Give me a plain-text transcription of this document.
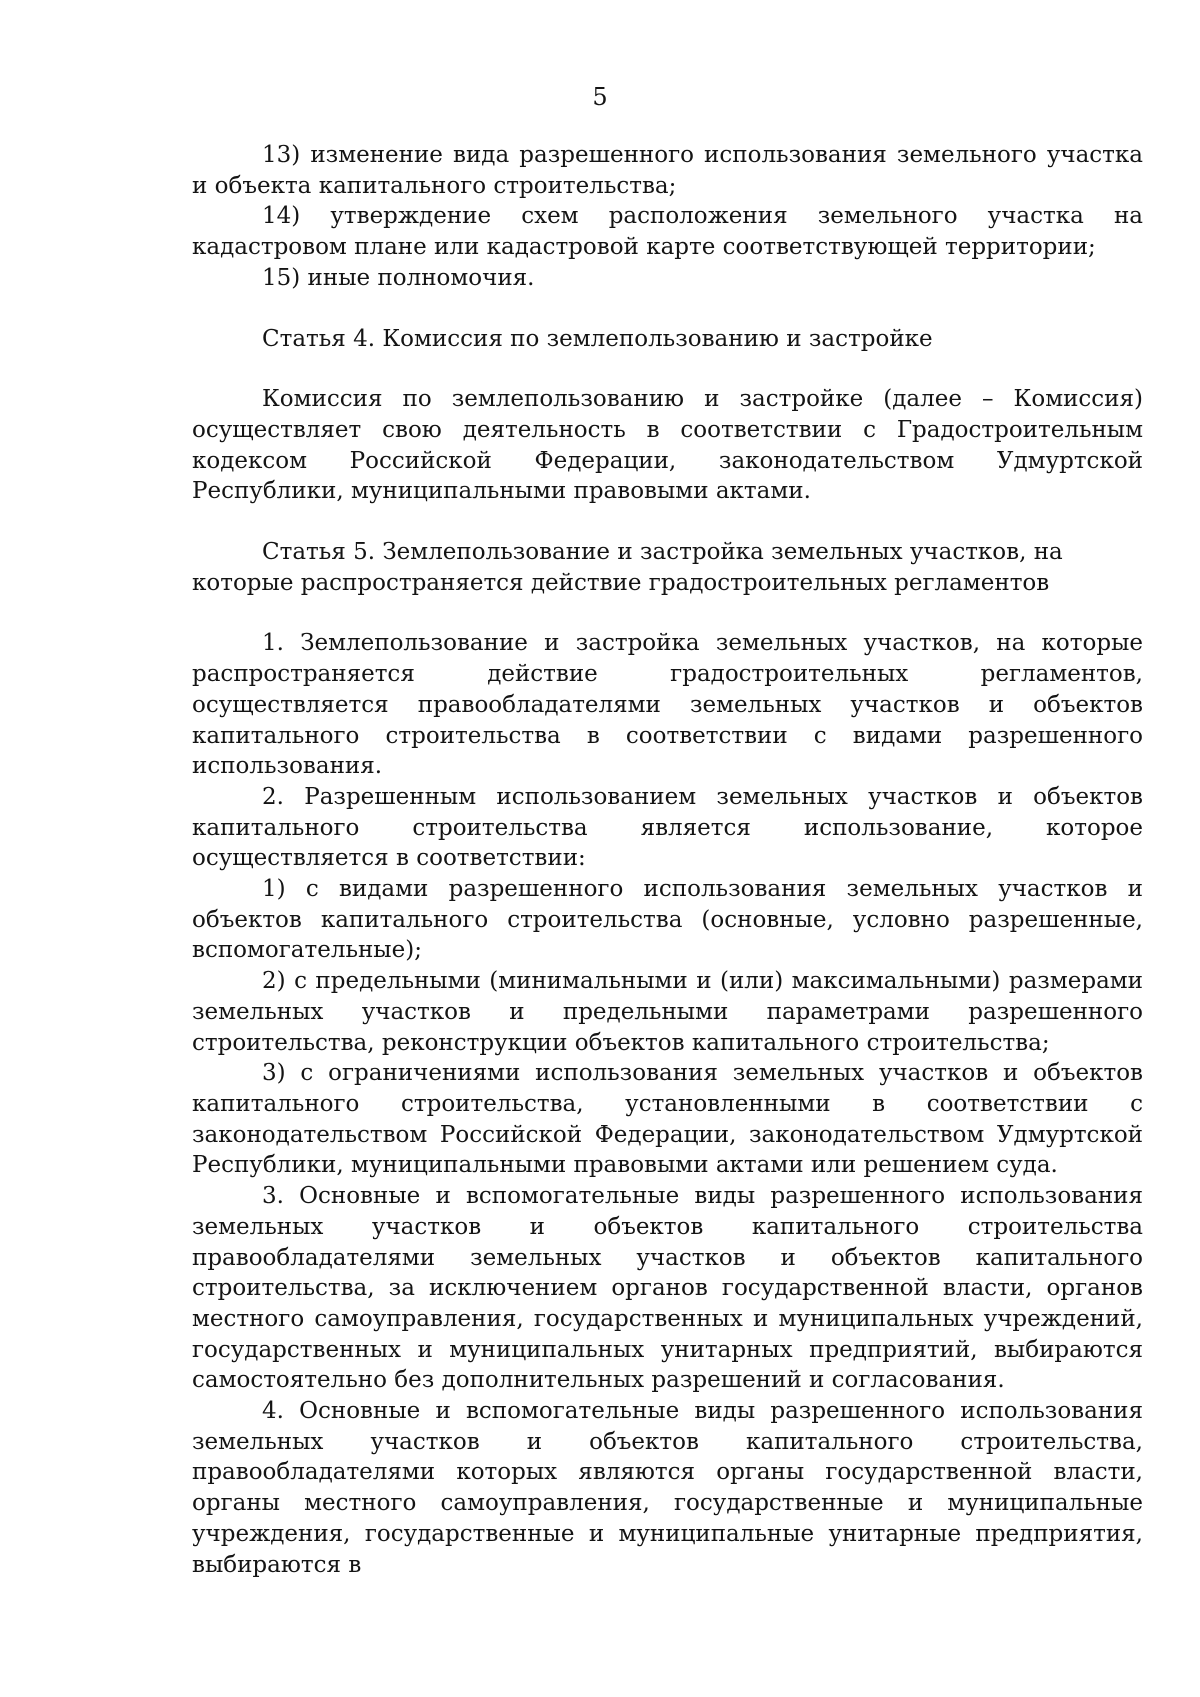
5

13) изменение вида разрешенного использования земельного участка и объекта капитального строительства;

14) утверждение схем расположения земельного участка на кадастровом плане или кадастровой карте соответствующей территории;

15) иные полномочия.

Статья 4. Комиссия по землепользованию и застройке

Комиссия по землепользованию и застройке (далее – Комиссия) осуществляет свою деятельность в соответствии с Градостроительным кодексом Российской Федерации, законодательством Удмуртской Республики, муниципальными правовыми актами.

Статья 5. Землепользование и застройка земельных участков, на которые распространяется действие градостроительных регламентов

1. Землепользование и застройка земельных участков, на которые распространяется действие градостроительных регламентов, осуществляется правообладателями земельных участков и объектов капитального строительства в соответствии с видами разрешенного использования.

2. Разрешенным использованием земельных участков и объектов капитального строительства является использование, которое осуществляется в соответствии:

1) с видами разрешенного использования земельных участков и объектов капитального строительства (основные, условно разрешенные, вспомогательные);

2) с предельными (минимальными и (или) максимальными) размерами земельных участков и предельными параметрами разрешенного строительства, реконструкции объектов капитального строительства;

3) с ограничениями использования земельных участков и объектов капитального строительства, установленными в соответствии с законодательством Российской Федерации, законодательством Удмуртской Республики, муниципальными правовыми актами или решением суда.

3. Основные и вспомогательные виды разрешенного использования земельных участков и объектов капитального строительства правообладателями земельных участков и объектов капитального строительства, за исключением органов государственной власти, органов местного самоуправления, государственных и муниципальных учреждений, государственных и муниципальных унитарных предприятий, выбираются самостоятельно без дополнительных разрешений и согласования.

4. Основные и вспомогательные виды разрешенного использования земельных участков и объектов капитального строительства, правообладателями которых являются органы государственной власти, органы местного самоуправления, государственные и муниципальные учреждения, государственные и муниципальные унитарные предприятия, выбираются в
